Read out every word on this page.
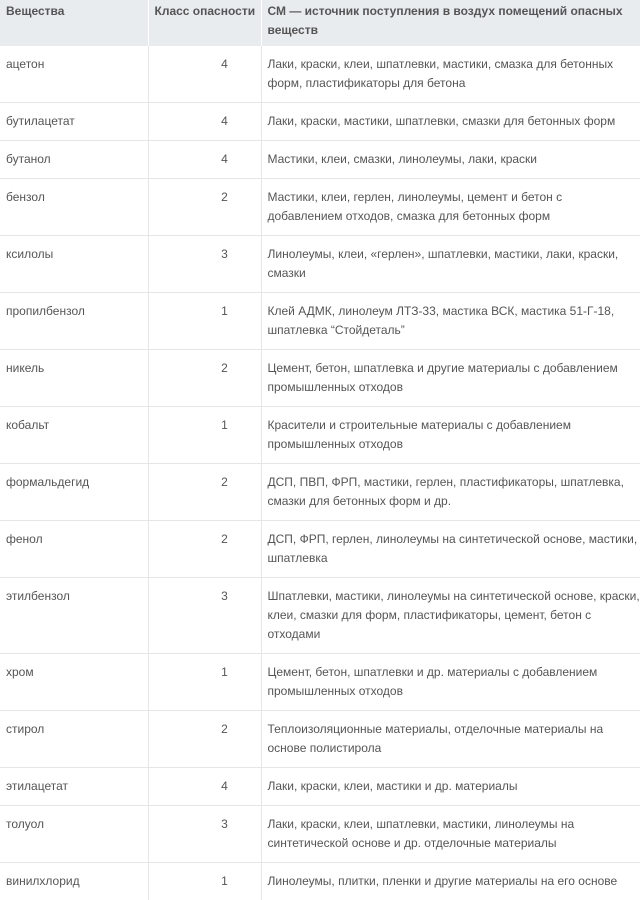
Вещества	Класс опасности	СМ — источник поступления в воздух помещений опасных веществ
ацетон	4	Лаки, краски, клеи, шпатлевки, мастики, смазка для бетонных форм, пластификаторы для бетона
бутилацетат	4	Лаки, краски, мастики, шпатлевки, смазки для бетонных форм
бутанол	4	Мастики, клеи, смазки, линолеумы, лаки, краски
бензол	2	Мастики, клеи, герлен, линолеумы, цемент и бетон с добавлением отходов, смазка для бетонных форм
ксилолы	3	Линолеумы, клеи, «герлен», шпатлевки, мастики, лаки, краски, смазки
пропилбензол	1	Клей АДМК, линолеум ЛТЗ-33, мастика ВСК, мастика 51-Г-18, шпатлевка “Стойдеталь”
никель	2	Цемент, бетон, шпатлевка и другие материалы с добавлением промышленных отходов
кобальт	1	Красители и строительные материалы с добавлением промышленных отходов
формальдегид	2	ДСП, ПВП, ФРП, мастики, герлен, пластификаторы, шпатлевка, смазки для бетонных форм и др.
фенол	2	ДСП, ФРП, герлен, линолеумы на синтетической основе, мастики, шпатлевка
этилбензол	3	Шпатлевки, мастики, линолеумы на синтетической основе, краски, клеи, смазки для форм, пластификаторы, цемент, бетон с отходами
хром	1	Цемент, бетон, шпатлевки и др. материалы с добавлением промышленных отходов
стирол	2	Теплоизоляционные материалы, отделочные материалы на основе полистирола
этилацетат	4	Лаки, краски, клеи, мастики и др. материалы
толуол	3	Лаки, краски, клеи, шпатлевки, мастики, линолеумы на синтетической основе и др. отделочные материалы
винилхлорид	1	Линолеумы, плитки, пленки и другие материалы на его основе
